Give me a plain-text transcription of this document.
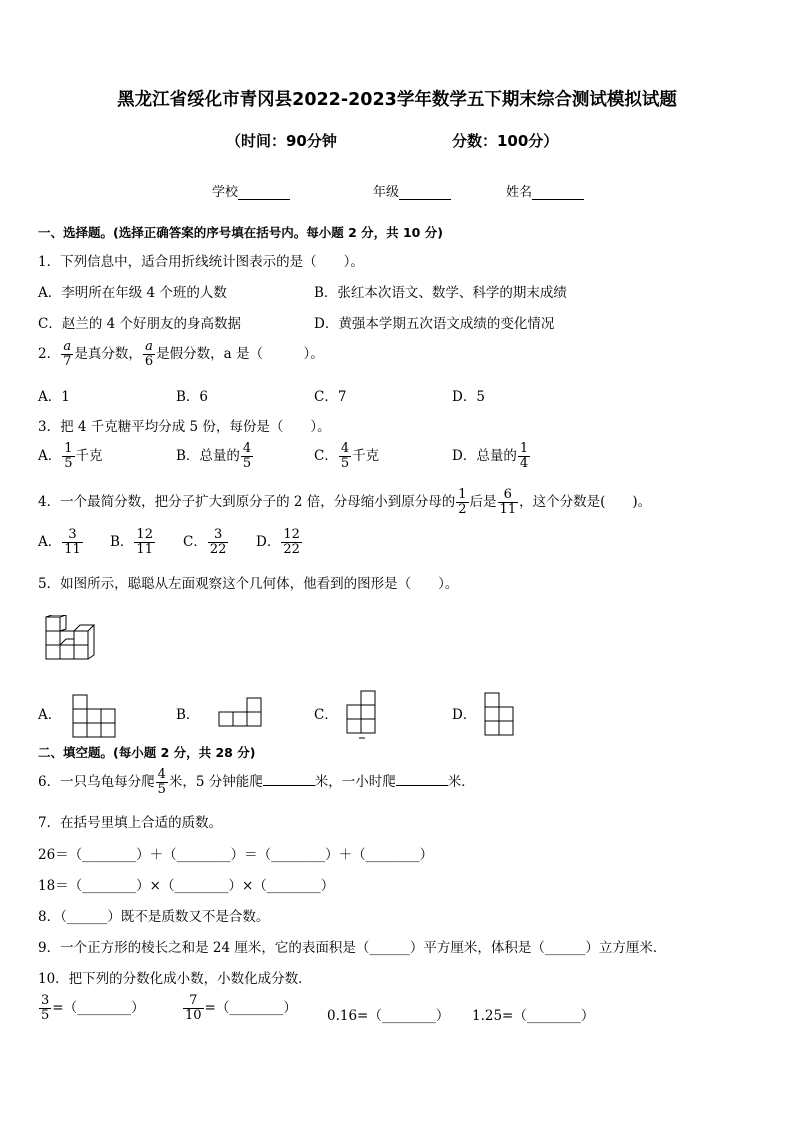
黑龙江省绥化市青冈县2022-2023学年数学五下期末综合测试模拟试题
（时间：90分钟	分数：100分）
学校	年级	姓名
一、选择题。(选择正确答案的序号填在括号内。每小题 2 分，共 10 分)
1．下列信息中，适合用折线统计图表示的是（　　）。
A．李明所在年级 4 个班的人数	B．张红本次语文、数学、科学的期末成绩
C．赵兰的 4 个好朋友的身高数据	D．黄强本学期五次语文成绩的变化情况
2． $\frac{a}{7}$ 是真分数， $\frac{a}{6}$ 是假分数，a 是（　　　）。
A．1	B．6	C．7	D．5
3．把 4 千克糖平均分成 5 份，每份是（　　）。
A． $\frac{1}{5}$ 千克	B．总量的 $\frac{4}{5}$	C． $\frac{4}{5}$ 千克	D．总量的 $\frac{1}{4}$
4．一个最简分数，把分子扩大到原分子的 2 倍，分母缩小到原分母的 $\frac{1}{2}$ 后是 $\frac{6}{11}$ ，这个分数是(　　)。
A． $\frac{3}{11}$ B． $\frac{12}{11}$ C． $\frac{3}{22}$ D． $\frac{12}{22}$
5．如图所示，聪聪从左面观察这个几何体，他看到的图形是（　　）。
A．	B．	C．	D．
二、填空题。(每小题 2 分，共 28 分)
6．一只乌龟每分爬 $\frac{4}{5}$ 米，5 分钟能爬	米，一小时爬	米．
7．在括号里填上合适的质数。
26＝（________）＋（________）＝（________）＋（________）
18＝（________）×（________）×（________）
8．（______）既不是质数又不是合数。
9．一个正方形的棱长之和是 24 厘米，它的表面积是（______）平方厘米，体积是（______）立方厘米．
10．把下列的分数化成小数，小数化成分数．
$\frac{3}{5}$ =（________）	$\frac{7}{10}$ =（________） 0.16=（________） 1.25=（________）
